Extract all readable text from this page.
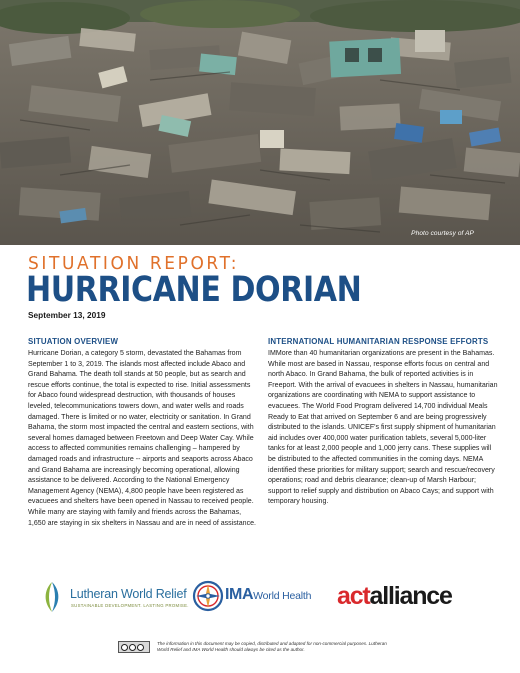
Photo courtesy of AP
SITUATION REPORT:
HURRICANE DORIAN
September 13, 2019
SITUATION OVERVIEW

Hurricane Dorian, a category 5 storm, devastated the Bahamas from September 1 to 3, 2019. The islands most affected include Abaco and Grand Bahama. The death toll stands at 50 people, but as search and rescue efforts continue, the total is expected to rise. Initial assessments for Abaco found widespread destruction, with thousands of houses leveled, telecommunications towers down, and water wells and roads damaged. There is limited or no water, electricity or sanitation. In Grand Bahama, the storm most impacted the central and eastern sections, with several homes damaged between Freetown and Deep Water Cay. While access to affected communities remains challenging – hampered by damaged roads and infrastructure -- airports and seaports across Abaco and Grand Bahama are increasingly becoming operational, allowing assistance to be delivered. According to the National Emergency Management Agency (NEMA), 4,800 people have been registered as evacuees and shelters have been opened in Nassau to received people. While many are staying with family and friends across the Bahamas, 1,650 are staying in six shelters in Nassau and are in need of assistance.

INTERNATIONAL HUMANITARIAN RESPONSE EFFORTS

IMMore than 40 humanitarian organizations are present in the Bahamas. While most are based in Nassau, response efforts focus on central and north Abaco. In Grand Bahama, the bulk of reported activities is in Freeport. With the arrival of evacuees in shelters in Nassau, humanitarian organizations are coordinating with NEMA to support assistance to evacuees. The World Food Program delivered 14,700 individual Meals Ready to Eat that arrived on September 6 and are being progressively distributed to the islands. UNICEF's first supply shipment of humanitarian aid includes over 400,000 water purification tablets, several 5,000-liter tanks for at least 2,000 people and 1,000 jerry cans. These supplies will be distributed to the affected communities in the coming days. NEMA identified these priorities for military support; search and rescue/recovery operations; road and debris clearance; clean-up of Marsh Harbour; support to relief supply and distribution on Abaco Cays; and support with temporary housing.

Lutheran World Relief
SUSTAINABLE DEVELOPMENT. LASTING PROMISE.
IMAWorld Health actalliance
The information in this document may be copied, distributed and adapted for non-commercial purposes. Lutheran World Relief and IMA World Health should always be cited as the author.
